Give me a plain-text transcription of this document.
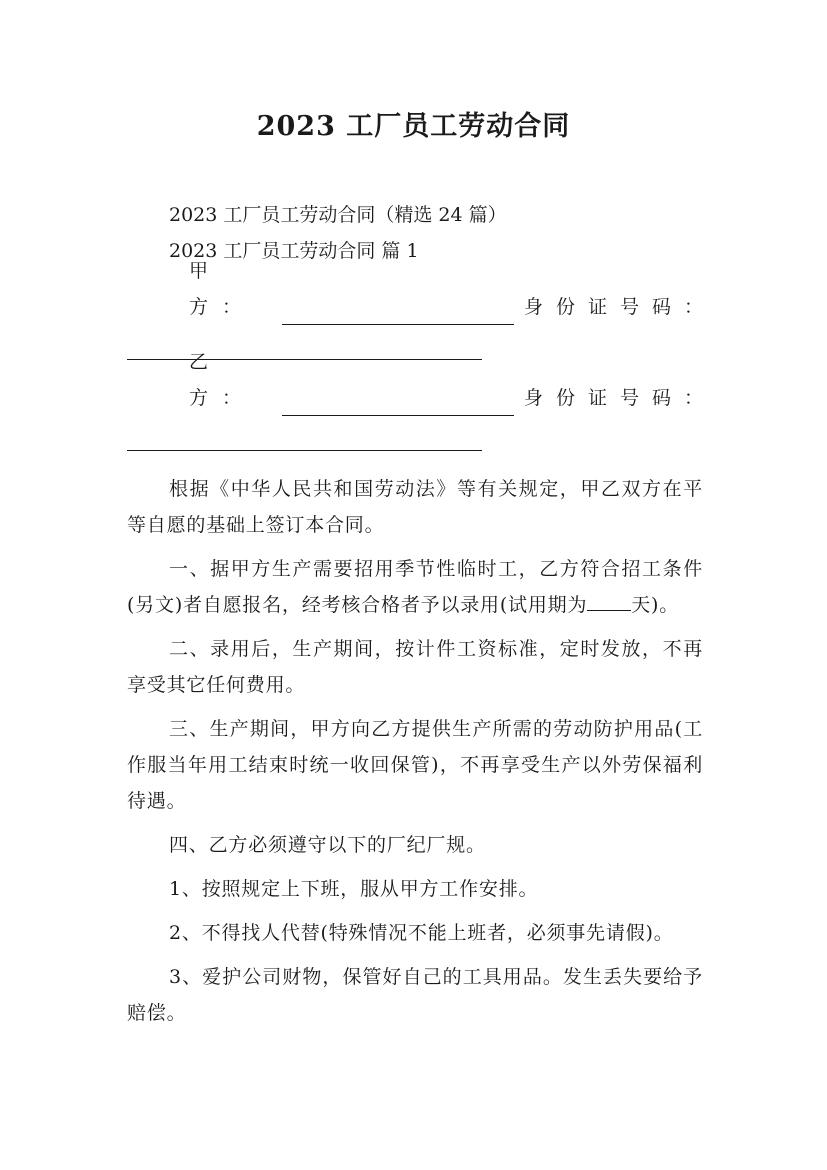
2023 工厂员工劳动合同
2023 工厂员工劳动合同（精选 24 篇）
2023 工厂员工劳动合同 篇 1
甲方：	身份证号码：
乙方：	身份证号码：
根据《中华人民共和国劳动法》等有关规定，甲乙双方在平等自愿的基础上签订本合同。
一、据甲方生产需要招用季节性临时工，乙方符合招工条件(另文)者自愿报名，经考核合格者予以录用(试用期为 天)。
二、录用后，生产期间，按计件工资标准，定时发放，不再享受其它任何费用。
三、生产期间，甲方向乙方提供生产所需的劳动防护用品(工作服当年用工结束时统一收回保管)，不再享受生产以外劳保福利待遇。
四、乙方必须遵守以下的厂纪厂规。
1、按照规定上下班，服从甲方工作安排。
2、不得找人代替(特殊情况不能上班者，必须事先请假)。
3、爱护公司财物，保管好自己的工具用品。发生丢失要给予赔偿。
